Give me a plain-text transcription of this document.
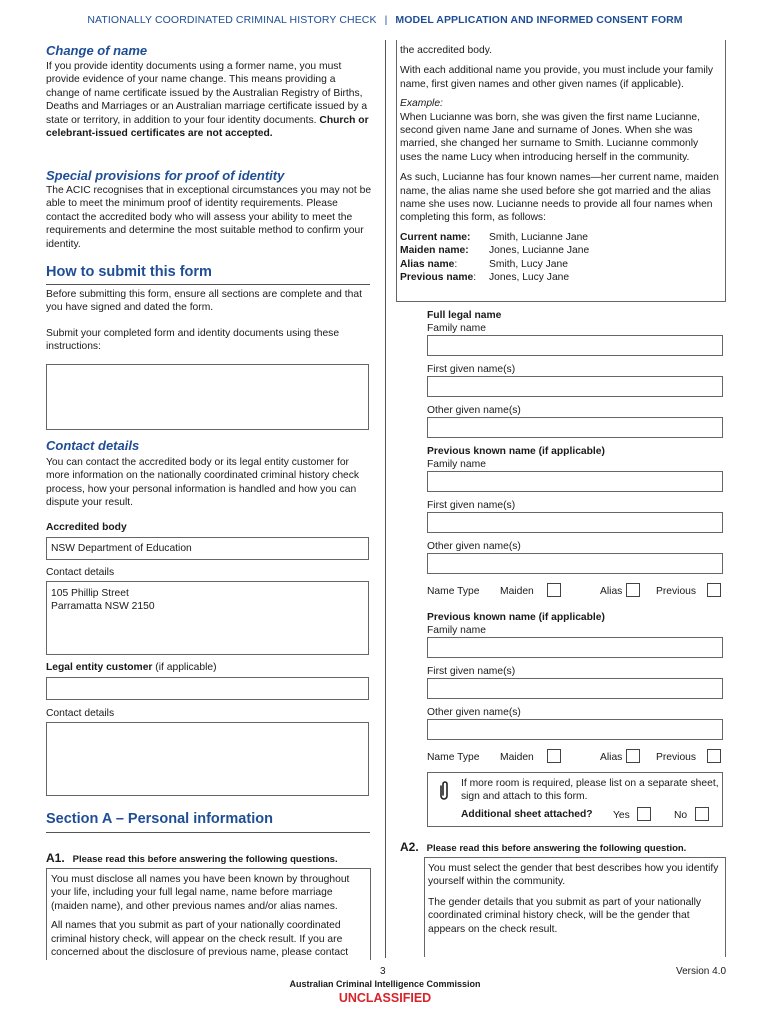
NATIONALLY COORDINATED CRIMINAL HISTORY CHECK | MODEL APPLICATION AND INFORMED CONSENT FORM
Change of name
If you provide identity documents using a former name, you must provide evidence of your name change. This means providing a change of name certificate issued by the Australian Registry of Births, Deaths and Marriages or an Australian marriage certificate issued by a state or territory, in addition to your four identity documents. Church or celebrant-issued certificates are not accepted.
Special provisions for proof of identity
The ACIC recognises that in exceptional circumstances you may not be able to meet the minimum proof of identity requirements. Please contact the accredited body who will assess your ability to meet the requirements and determine the most suitable method to confirm your identity.
How to submit this form
Before submitting this form, ensure all sections are complete and that you have signed and dated the form.
Submit your completed form and identity documents using these instructions:
Contact details
You can contact the accredited body or its legal entity customer for more information on the nationally coordinated criminal history check process, how your personal information is handled and how you can dispute your result.
Accredited body
NSW Department of Education
Contact details
105 Phillip Street
Parramatta NSW 2150
Legal entity customer (if applicable)
Contact details
Section A – Personal information
A1. Please read this before answering the following questions.
You must disclose all names you have been known by throughout your life, including your full legal name, name before marriage (maiden name), and other previous names and/or alias names.
All names that you submit as part of your nationally coordinated criminal history check, will appear on the check result. If you are concerned about the disclosure of previous name, please contact
the accredited body.
With each additional name you provide, you must include your family name, first given names and other given names (if applicable).
Example:
When Lucianne was born, she was given the first name Lucianne, second given name Jane and surname of Jones. When she was married, she changed her surname to Smith. Lucianne commonly uses the name Lucy when introducing herself in the community.
As such, Lucianne has four known names—her current name, maiden name, the alias name she used before she got married and the alias name she uses now. Lucianne needs to provide all four names when completing this form, as follows:
Current name: Smith, Lucianne Jane
Maiden name: Jones, Lucianne Jane
Alias name:	Smith, Lucy Jane
Previous name: Jones, Lucy Jane
Full legal name
Family name
First given name(s)
Other given name(s)
Previous known name (if applicable)
Family name
First given name(s)
Other given name(s)
Name Type Maiden	Alias	Previous
Previous known name (if applicable)
Family name
First given name(s)
Other given name(s)
Name Type Maiden	Alias	Previous
If more room is required, please list on a separate sheet, sign and attach to this form.
Additional sheet attached? Yes	No
A2. Please read this before answering the following question.
You must select the gender that best describes how you identify yourself within the community.
The gender details that you submit as part of your nationally coordinated criminal history check, will be the gender that appears on the check result.
3	Version 4.0
Australian Criminal Intelligence Commission
UNCLASSIFIED
